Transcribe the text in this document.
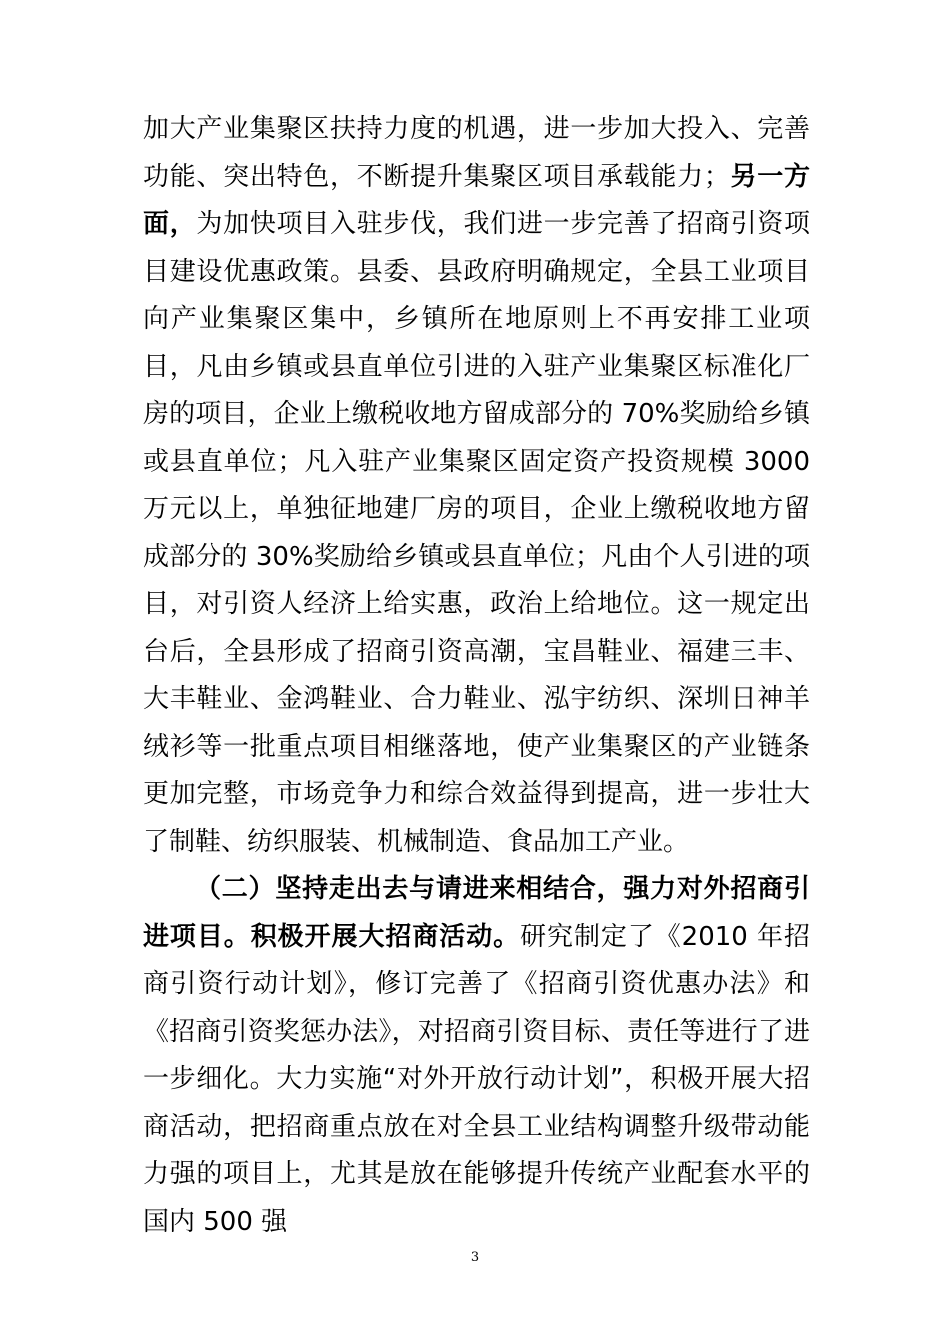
加大产业集聚区扶持力度的机遇，进一步加大投入、完善功能、突出特色，不断提升集聚区项目承载能力；另一方面，为加快项目入驻步伐，我们进一步完善了招商引资项目建设优惠政策。县委、县政府明确规定，全县工业项目向产业集聚区集中，乡镇所在地原则上不再安排工业项目，凡由乡镇或县直单位引进的入驻产业集聚区标准化厂房的项目，企业上缴税收地方留成部分的 70%奖励给乡镇或县直单位；凡入驻产业集聚区固定资产投资规模 3000 万元以上，单独征地建厂房的项目，企业上缴税收地方留成部分的 30%奖励给乡镇或县直单位；凡由个人引进的项目，对引资人经济上给实惠，政治上给地位。这一规定出台后，全县形成了招商引资高潮，宝昌鞋业、福建三丰、大丰鞋业、金鸿鞋业、合力鞋业、泓宇纺织、深圳日神羊绒衫等一批重点项目相继落地，使产业集聚区的产业链条更加完整，市场竞争力和综合效益得到提高，进一步壮大了制鞋、纺织服装、机械制造、食品加工产业。

（二）坚持走出去与请进来相结合，强力对外招商引进项目。积极开展大招商活动。研究制定了《2010 年招商引资行动计划》，修订完善了《招商引资优惠办法》和《招商引资奖惩办法》，对招商引资目标、责任等进行了进一步细化。大力实施“对外开放行动计划”，积极开展大招商活动，把招商重点放在对全县工业结构调整升级带动能力强的项目上，尤其是放在能够提升传统产业配套水平的国内 500 强

3
